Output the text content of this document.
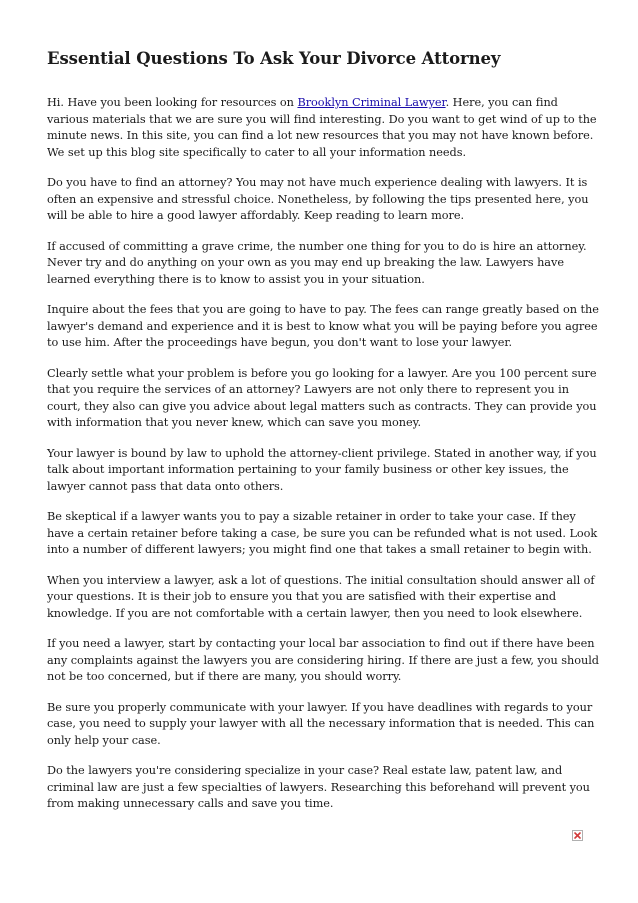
Essential Questions To Ask Your Divorce Attorney

Hi. Have you been looking for resources on Brooklyn Criminal Lawyer. Here, you can find various materials that we are sure you will find interesting. Do you want to get wind of up to the minute news. In this site, you can find a lot new resources that you may not have known before. We set up this blog site specifically to cater to all your information needs.

Do you have to find an attorney? You may not have much experience dealing with lawyers. It is often an expensive and stressful choice. Nonetheless, by following the tips presented here, you will be able to hire a good lawyer affordably. Keep reading to learn more.

If accused of committing a grave crime, the number one thing for you to do is hire an attorney. Never try and do anything on your own as you may end up breaking the law. Lawyers have learned everything there is to know to assist you in your situation.

Inquire about the fees that you are going to have to pay. The fees can range greatly based on the lawyer's demand and experience and it is best to know what you will be paying before you agree to use him. After the proceedings have begun, you don't want to lose your lawyer.

Clearly settle what your problem is before you go looking for a lawyer. Are you 100 percent sure that you require the services of an attorney? Lawyers are not only there to represent you in court, they also can give you advice about legal matters such as contracts. They can provide you with information that you never knew, which can save you money.

Your lawyer is bound by law to uphold the attorney-client privilege. Stated in another way, if you talk about important information pertaining to your family business or other key issues, the lawyer cannot pass that data onto others.

Be skeptical if a lawyer wants you to pay a sizable retainer in order to take your case. If they have a certain retainer before taking a case, be sure you can be refunded what is not used. Look into a number of different lawyers; you might find one that takes a small retainer to begin with.

When you interview a lawyer, ask a lot of questions. The initial consultation should answer all of your questions. It is their job to ensure you that you are satisfied with their expertise and knowledge. If you are not comfortable with a certain lawyer, then you need to look elsewhere.

If you need a lawyer, start by contacting your local bar association to find out if there have been any complaints against the lawyers you are considering hiring. If there are just a few, you should not be too concerned, but if there are many, you should worry.

Be sure you properly communicate with your lawyer. If you have deadlines with regards to your case, you need to supply your lawyer with all the necessary information that is needed. This can only help your case.

Do the lawyers you're considering specialize in your case? Real estate law, patent law, and criminal law are just a few specialties of lawyers. Researching this beforehand will prevent you from making unnecessary calls and save you time.
